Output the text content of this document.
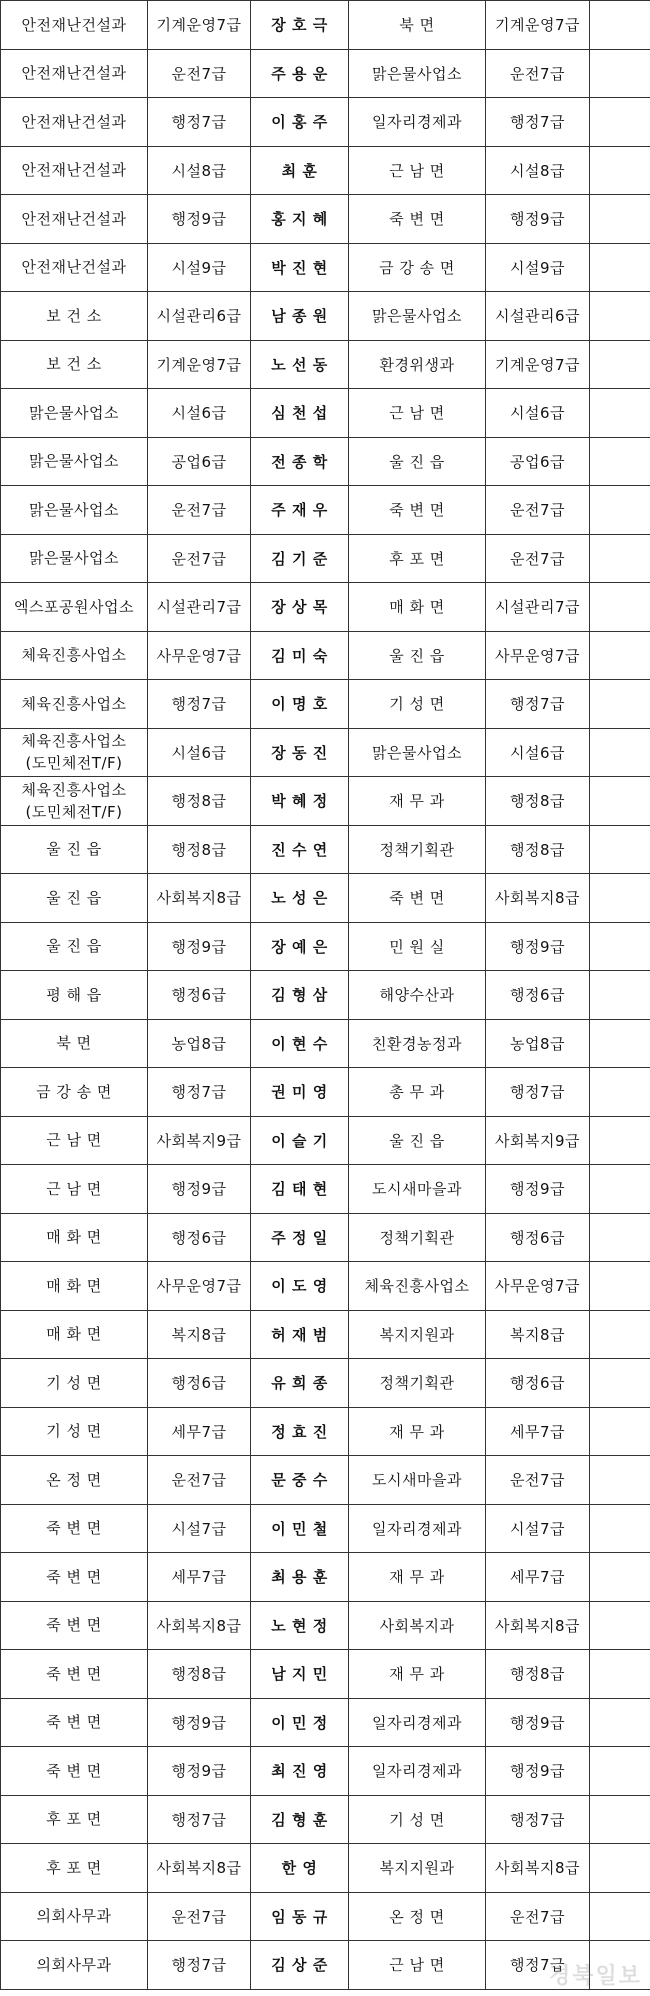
안전재난건설과	기계운영7급	장 호 극	북 면	기계운영7급	

안전재난건설과	운전7급	주 용 운	맑은물사업소	운전7급	

안전재난건설과	행정7급	이 홍 주	일자리경제과	행정7급	

안전재난건설과	시설8급	최 훈	근 남 면	시설8급	

안전재난건설과	행정9급	홍 지 혜	죽 변 면	행정9급	

안전재난건설과	시설9급	박 진 현	금 강 송 면	시설9급	

보 건 소	시설관리6급	남 종 원	맑은물사업소	시설관리6급	

보 건 소	기계운영7급	노 선 동	환경위생과	기계운영7급	

맑은물사업소	시설6급	심 천 섭	근 남 면	시설6급	

맑은물사업소	공업6급	전 종 학	울 진 읍	공업6급	

맑은물사업소	운전7급	주 재 우	죽 변 면	운전7급	

맑은물사업소	운전7급	김 기 준	후 포 면	운전7급	

엑스포공원사업소	시설관리7급	장 상 목	매 화 면	시설관리7급	

체육진흥사업소	사무운영7급	김 미 숙	울 진 읍	사무운영7급	

체육진흥사업소	행정7급	이 명 호	기 성 면	행정7급	

체육진흥사업소
(도민체전T/F)	시설6급	장 동 진	맑은물사업소	시설6급	

체육진흥사업소
(도민체전T/F)	행정8급	박 혜 정	재 무 과	행정8급	

울 진 읍	행정8급	진 수 연	정책기획관	행정8급	

울 진 읍	사회복지8급	노 성 은	죽 변 면	사회복지8급	

울 진 읍	행정9급	장 예 은	민 원 실	행정9급	

평 해 읍	행정6급	김 형 삼	해양수산과	행정6급	

북 면	농업8급	이 현 수	친환경농정과	농업8급	

금 강 송 면	행정7급	권 미 영	총 무 과	행정7급	

근 남 면	사회복지9급	이 슬 기	울 진 읍	사회복지9급	

근 남 면	행정9급	김 태 현	도시새마을과	행정9급	

매 화 면	행정6급	주 정 일	정책기획관	행정6급	

매 화 면	사무운영7급	이 도 영	체육진흥사업소	사무운영7급	

매 화 면	복지8급	허 재 범	복지지원과	복지8급	

기 성 면	행정6급	유 희 종	정책기획관	행정6급	

기 성 면	세무7급	정 효 진	재 무 과	세무7급	

온 정 면	운전7급	문 중 수	도시새마을과	운전7급	

죽 변 면	시설7급	이 민 철	일자리경제과	시설7급	

죽 변 면	세무7급	최 용 훈	재 무 과	세무7급	

죽 변 면	사회복지8급	노 현 정	사회복지과	사회복지8급	

죽 변 면	행정8급	남 지 민	재 무 과	행정8급	

죽 변 면	행정9급	이 민 정	일자리경제과	행정9급	

죽 변 면	행정9급	최 진 영	일자리경제과	행정9급	

후 포 면	행정7급	김 형 훈	기 성 면	행정7급	

후 포 면	사회복지8급	한 영	복지지원과	사회복지8급	

의회사무과	운전7급	임 동 규	온 정 면	운전7급	

의회사무과	행정7급	김 상 준	근 남 면	행정7급	
경북일보
